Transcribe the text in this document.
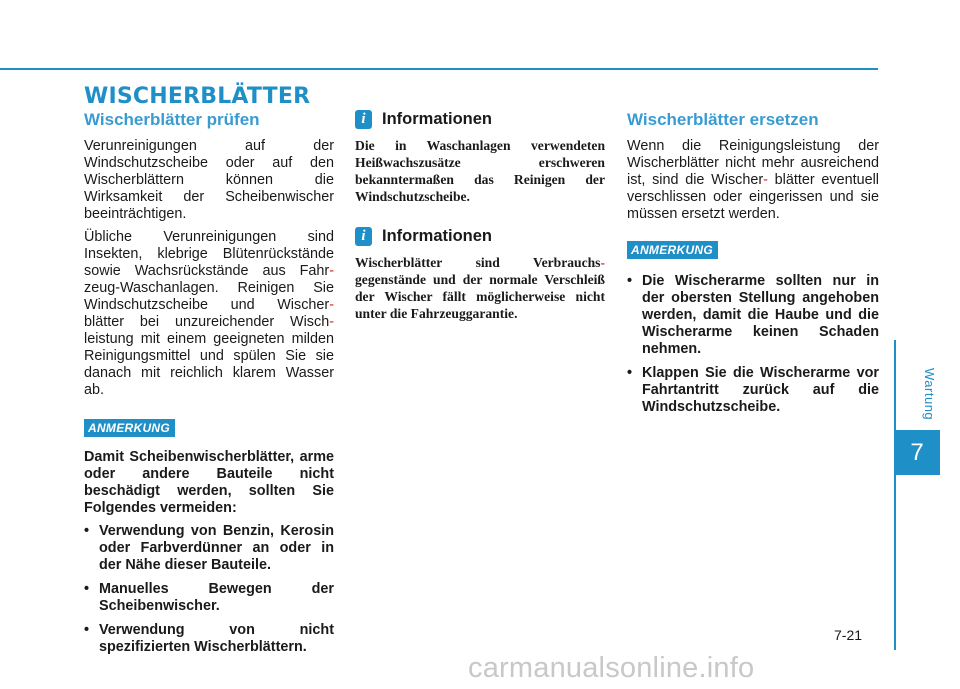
WISCHERBLÄTTER
Wischerblätter prüfen

Verunreinigungen auf der Windschutzscheibe oder auf den Wischerblättern können die Wirksamkeit der Scheibenwischer beeinträchtigen.

Übliche Verunreinigungen sind Insekten, klebrige Blütenrückstände sowie Wachsrückstände aus Fahr- zeug-Waschanlagen. Reinigen Sie Windschutzscheibe und Wischer- blätter bei unzureichender Wisch- leistung mit einem geeigneten milden Reinigungsmittel und spülen Sie sie danach mit reichlich klarem Wasser ab.

ANMERKUNG

Damit Scheibenwischerblätter, arme oder andere Bauteile nicht beschädigt werden, sollten Sie Folgendes vermeiden:

• Verwendung von Benzin, Kerosin oder Farbverdünner an oder in der Nähe dieser Bauteile.
• Manuelles Bewegen der Scheibenwischer.
• Verwendung von nicht spezifizierten Wischerblättern.
i Informationen

Die in Waschanlagen verwendeten Heißwachszusätze erschweren bekanntermaßen das Reinigen der Windschutzscheibe.

i Informationen

Wischerblätter sind Verbrauchs- gegenstände und der normale Verschleiß der Wischer fällt möglicherweise nicht unter die Fahrzeuggarantie.

Wischerblätter ersetzen

Wenn die Reinigungsleistung der Wischerblätter nicht mehr ausreichend ist, sind die Wischer- blätter eventuell verschlissen oder eingerissen und sie müssen ersetzt werden.

ANMERKUNG
• Die Wischerarme sollten nur in der obersten Stellung angehoben werden, damit die Haube und die Wischerarme keinen Schaden nehmen.
• Klappen Sie die Wischerarme vor Fahrtantritt zurück auf die Windschutzscheibe.	Wartung
7
7-21
carmanualsonline.info
